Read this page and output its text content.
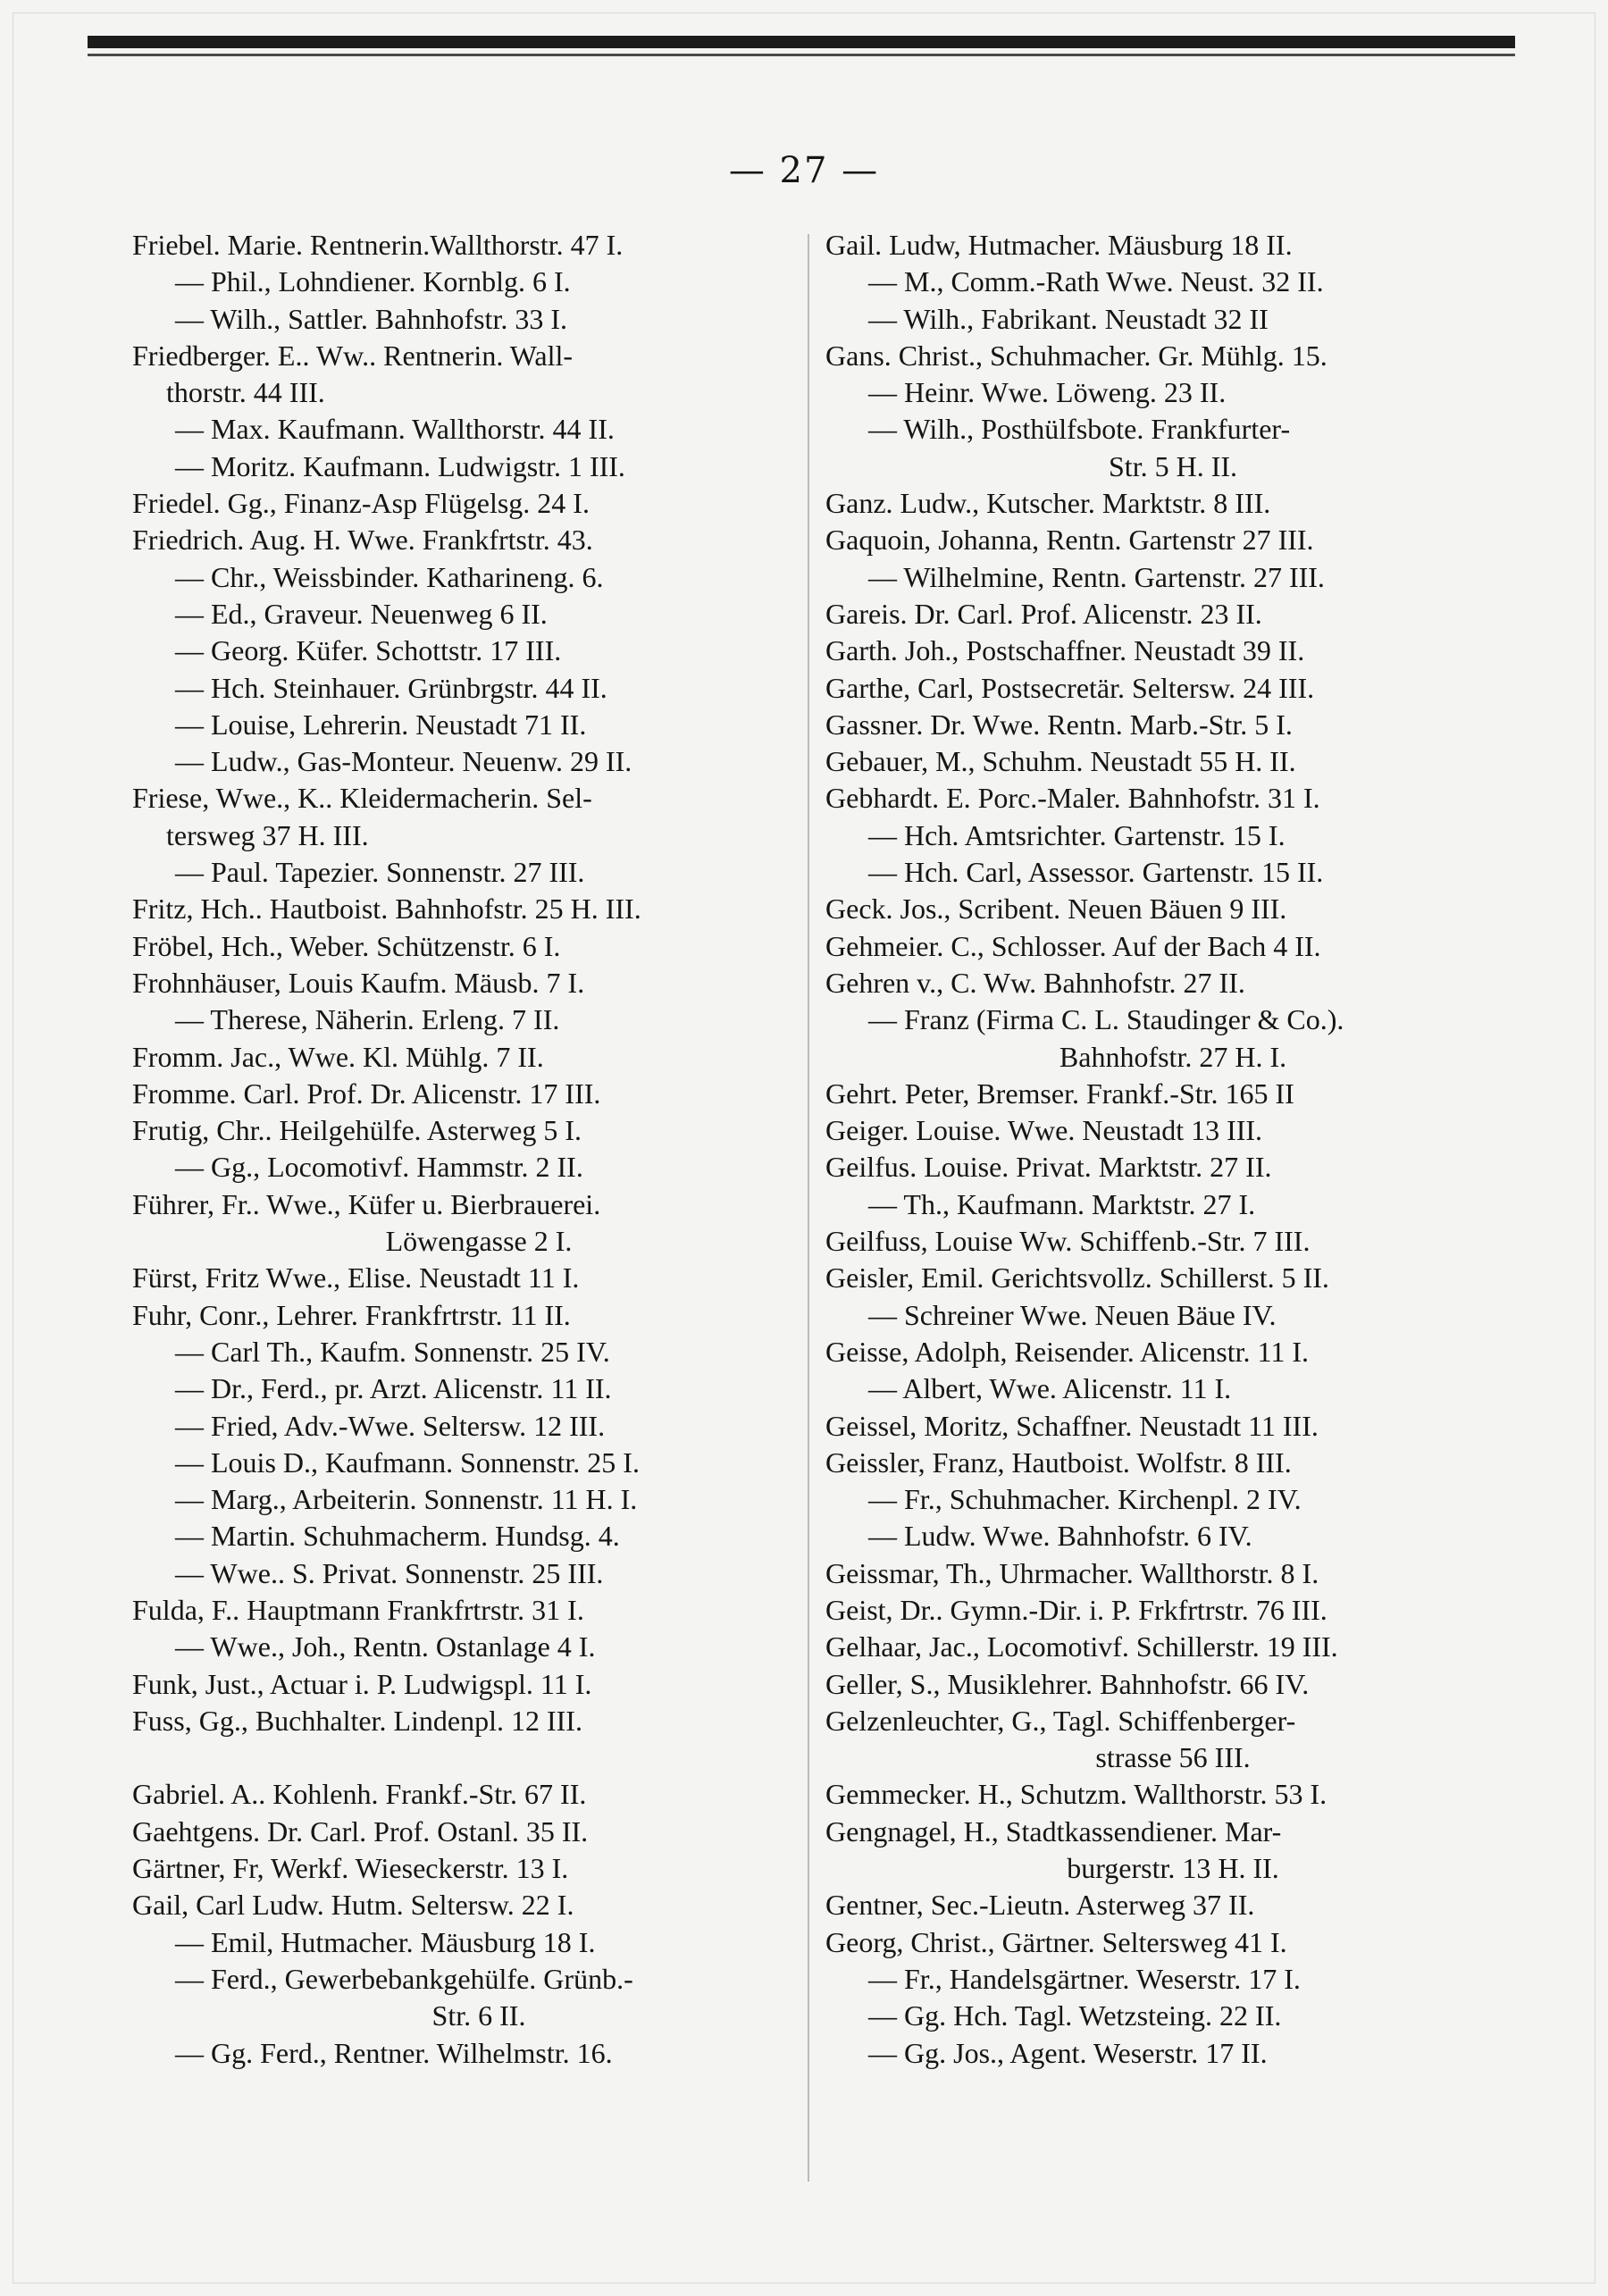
— 27 —
Friebel. Marie. Rentnerin.Wallthorstr. 47 I.
— Phil., Lohndiener. Kornblg. 6 I.
— Wilh., Sattler. Bahnhofstr. 33 I.
Friedberger. E.. Ww.. Rentnerin. Wall-
thorstr. 44 III.
— Max. Kaufmann. Wallthorstr. 44 II.
— Moritz. Kaufmann. Ludwigstr. 1 III.
Friedel. Gg., Finanz-Asp Flügelsg. 24 I.
Friedrich. Aug. H. Wwe. Frankfrtstr. 43.
— Chr., Weissbinder. Katharineng. 6.
— Ed., Graveur. Neuenweg 6 II.
— Georg. Küfer. Schottstr. 17 III.
— Hch. Steinhauer. Grünbrgstr. 44 II.
— Louise, Lehrerin. Neustadt 71 II.
— Ludw., Gas-Monteur. Neuenw. 29 II.
Friese, Wwe., K.. Kleidermacherin. Sel-
tersweg 37 H. III.
— Paul. Tapezier. Sonnenstr. 27 III.
Fritz, Hch.. Hautboist. Bahnhofstr. 25 H. III.
Fröbel, Hch., Weber. Schützenstr. 6 I.
Frohnhäuser, Louis Kaufm. Mäusb. 7 I.
— Therese, Näherin. Erleng. 7 II.
Fromm. Jac., Wwe. Kl. Mühlg. 7 II.
Fromme. Carl. Prof. Dr. Alicenstr. 17 III.
Frutig, Chr.. Heilgehülfe. Asterweg 5 I.
— Gg., Locomotivf. Hammstr. 2 II.
Führer, Fr.. Wwe., Küfer u. Bierbrauerei.
Löwengasse 2 I.
Fürst, Fritz Wwe., Elise. Neustadt 11 I.
Fuhr, Conr., Lehrer. Frankfrtrstr. 11 II.
— Carl Th., Kaufm. Sonnenstr. 25 IV.
— Dr., Ferd., pr. Arzt. Alicenstr. 11 II.
— Fried, Adv.-Wwe. Seltersw. 12 III.
— Louis D., Kaufmann. Sonnenstr. 25 I.
— Marg., Arbeiterin. Sonnenstr. 11 H. I.
— Martin. Schuhmacherm. Hundsg. 4.
— Wwe.. S. Privat. Sonnenstr. 25 III.
Fulda, F.. Hauptmann Frankfrtrstr. 31 I.
— Wwe., Joh., Rentn. Ostanlage 4 I.
Funk, Just., Actuar i. P. Ludwigspl. 11 I.
Fuss, Gg., Buchhalter. Lindenpl. 12 III.
Gabriel. A.. Kohlenh. Frankf.-Str. 67 II.
Gaehtgens. Dr. Carl. Prof. Ostanl. 35 II.
Gärtner, Fr, Werkf. Wieseckerstr. 13 I.
Gail, Carl Ludw. Hutm. Seltersw. 22 I.
— Emil, Hutmacher. Mäusburg 18 I.
— Ferd., Gewerbebankgehülfe. Grünb.-
Str. 6 II.
— Gg. Ferd., Rentner. Wilhelmstr. 16.
Gail. Ludw, Hutmacher. Mäusburg 18 II.
— M., Comm.-Rath Wwe. Neust. 32 II.
— Wilh., Fabrikant. Neustadt 32 II
Gans. Christ., Schuhmacher. Gr. Mühlg. 15.
— Heinr. Wwe. Löweng. 23 II.
— Wilh., Posthülfsbote. Frankfurter-
Str. 5 H. II.
Ganz. Ludw., Kutscher. Marktstr. 8 III.
Gaquoin, Johanna, Rentn. Gartenstr 27 III.
— Wilhelmine, Rentn. Gartenstr. 27 III.
Gareis. Dr. Carl. Prof. Alicenstr. 23 II.
Garth. Joh., Postschaffner. Neustadt 39 II.
Garthe, Carl, Postsecretär. Seltersw. 24 III.
Gassner. Dr. Wwe. Rentn. Marb.-Str. 5 I.
Gebauer, M., Schuhm. Neustadt 55 H. II.
Gebhardt. E. Porc.-Maler. Bahnhofstr. 31 I.
— Hch. Amtsrichter. Gartenstr. 15 I.
— Hch. Carl, Assessor. Gartenstr. 15 II.
Geck. Jos., Scribent. Neuen Bäuen 9 III.
Gehmeier. C., Schlosser. Auf der Bach 4 II.
Gehren v., C. Ww. Bahnhofstr. 27 II.
— Franz (Firma C. L. Staudinger & Co.).
Bahnhofstr. 27 H. I.
Gehrt. Peter, Bremser. Frankf.-Str. 165 II
Geiger. Louise. Wwe. Neustadt 13 III.
Geilfus. Louise. Privat. Marktstr. 27 II.
— Th., Kaufmann. Marktstr. 27 I.
Geilfuss, Louise Ww. Schiffenb.-Str. 7 III.
Geisler, Emil. Gerichtsvollz. Schillerst. 5 II.
— Schreiner Wwe. Neuen Bäue IV.
Geisse, Adolph, Reisender. Alicenstr. 11 I.
— Albert, Wwe. Alicenstr. 11 I.
Geissel, Moritz, Schaffner. Neustadt 11 III.
Geissler, Franz, Hautboist. Wolfstr. 8 III.
— Fr., Schuhmacher. Kirchenpl. 2 IV.
— Ludw. Wwe. Bahnhofstr. 6 IV.
Geissmar, Th., Uhrmacher. Wallthorstr. 8 I.
Geist, Dr.. Gymn.-Dir. i. P. Frkfrtrstr. 76 III.
Gelhaar, Jac., Locomotivf. Schillerstr. 19 III.
Geller, S., Musiklehrer. Bahnhofstr. 66 IV.
Gelzenleuchter, G., Tagl. Schiffenberger-
strasse 56 III.
Gemmecker. H., Schutzm. Wallthorstr. 53 I.
Gengnagel, H., Stadtkassendiener. Mar-
burgerstr. 13 H. II.
Gentner, Sec.-Lieutn. Asterweg 37 II.
Georg, Christ., Gärtner. Seltersweg 41 I.
— Fr., Handelsgärtner. Weserstr. 17 I.
— Gg. Hch. Tagl. Wetzsteing. 22 II.
— Gg. Jos., Agent. Weserstr. 17 II.
